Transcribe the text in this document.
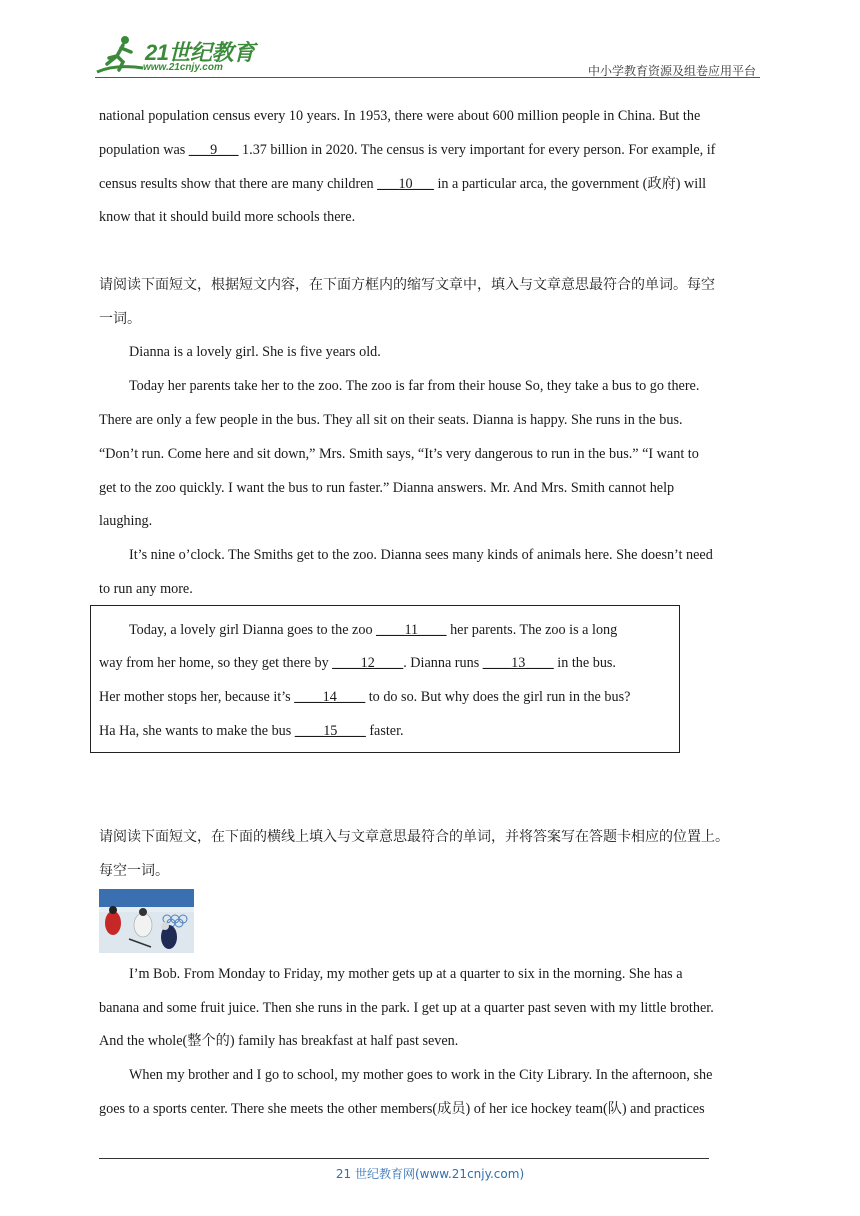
21世纪教育
www.21cnjy.com	中小学教育资源及组卷应用平台
national population census every 10 years. In 1953, there were about 600 million people in China. But the
population was ___9___ 1.37 billion in 2020. The census is very important for every person. For example, if
census results show that there are many children ___10___ in a particular arca, the government (政府) will
know that it should build more schools there.
请阅读下面短文，根据短文内容，在下面方框内的缩写文章中，填入与文章意思最符合的单词。每空
一词。
Dianna is a lovely girl. She is five years old.
Today her parents take her to the zoo. The zoo is far from their house So, they take a bus to go there.
There are only a few people in the bus. They all sit on their seats. Dianna is happy. She runs in the bus.
“Don’t run. Come here and sit down,” Mrs. Smith says, “It’s very dangerous to run in the bus.” “I want to
get to the zoo quickly. I want the bus to run faster.” Dianna answers. Mr. And Mrs. Smith cannot help
laughing.
It’s nine o’clock. The Smiths get to the zoo. Dianna sees many kinds of animals here. She doesn’t need
to run any more.
Today, a lovely girl Dianna goes to the zoo ____11____ her parents. The zoo is a long
way from her home, so they get there by ____12____. Dianna runs ____13____ in the bus.
Her mother stops her, because it’s ____14____ to do so. But why does the girl run in the bus?
Ha Ha, she wants to make the bus ____15____ faster.
请阅读下面短文，在下面的横线上填入与文章意思最符合的单词，并将答案写在答题卡相应的位置上。
每空一词。
I’m Bob. From Monday to Friday, my mother gets up at a quarter to six in the morning. She has a
banana and some fruit juice. Then she runs in the park. I get up at a quarter past seven with my little brother.
And the whole(整个的) family has breakfast at half past seven.
When my brother and I go to school, my mother goes to work in the City Library. In the afternoon, she
goes to a sports center. There she meets the other members(成员) of her ice hockey team(队) and practices
21 世纪教育网(www.21cnjy.com)
